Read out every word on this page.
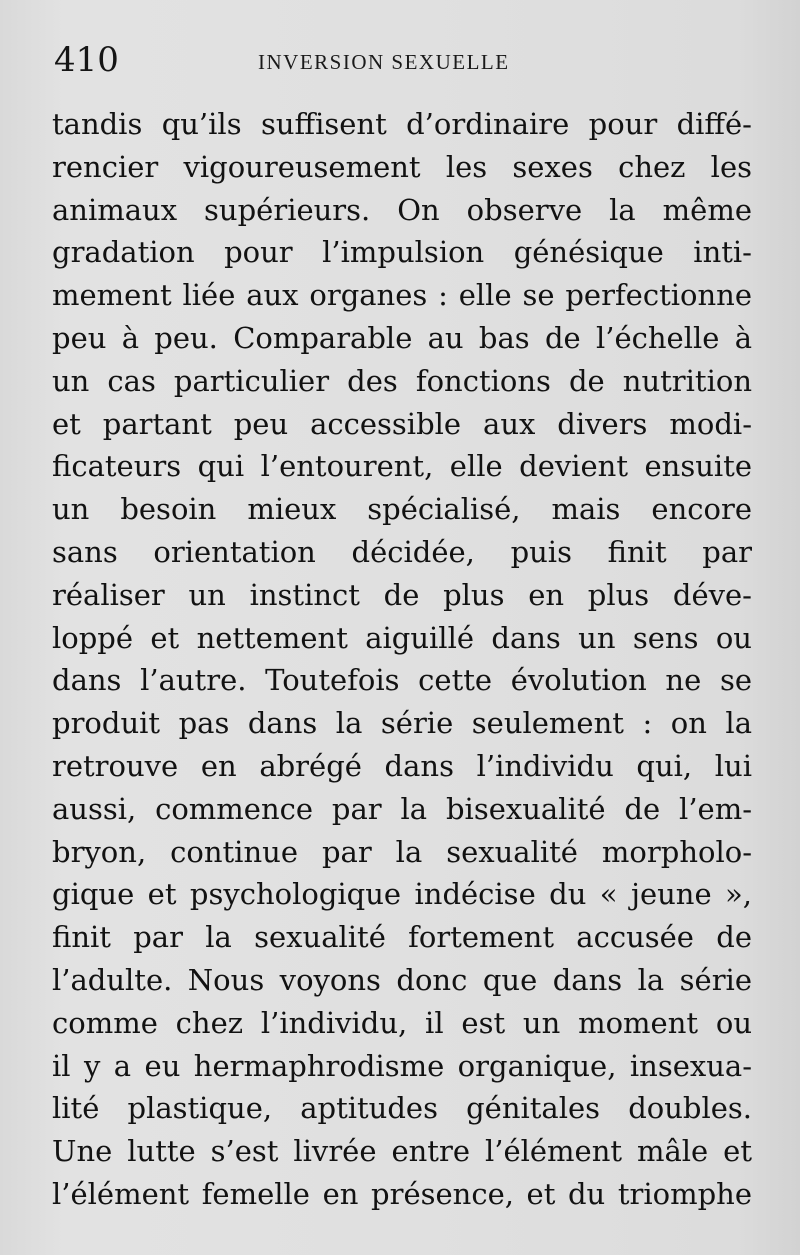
410	INVERSION SEXUELLE
tandis qu’ils suffisent d’ordinaire pour diffé-
rencier vigoureusement les sexes chez les
animaux supérieurs. On observe la même
gradation pour l’impulsion génésique inti-
mement liée aux organes : elle se perfectionne
peu à peu. Comparable au bas de l’échelle à
un cas particulier des fonctions de nutrition
et partant peu accessible aux divers modi-
ficateurs qui l’entourent, elle devient ensuite
un besoin mieux spécialisé, mais encore
sans orientation décidée, puis finit par
réaliser un instinct de plus en plus déve-
loppé et nettement aiguillé dans un sens ou
dans l’autre. Toutefois cette évolution ne se
produit pas dans la série seulement : on la
retrouve en abrégé dans l’individu qui, lui
aussi, commence par la bisexualité de l’em-
bryon, continue par la sexualité morpholo-
gique et psychologique indécise du « jeune »,
finit par la sexualité fortement accusée de
l’adulte. Nous voyons donc que dans la série
comme chez l’individu, il est un moment ou
il y a eu hermaphrodisme organique, insexua-
lité plastique, aptitudes génitales doubles.
Une lutte s’est livrée entre l’élément mâle et
l’élément femelle en présence, et du triomphe
